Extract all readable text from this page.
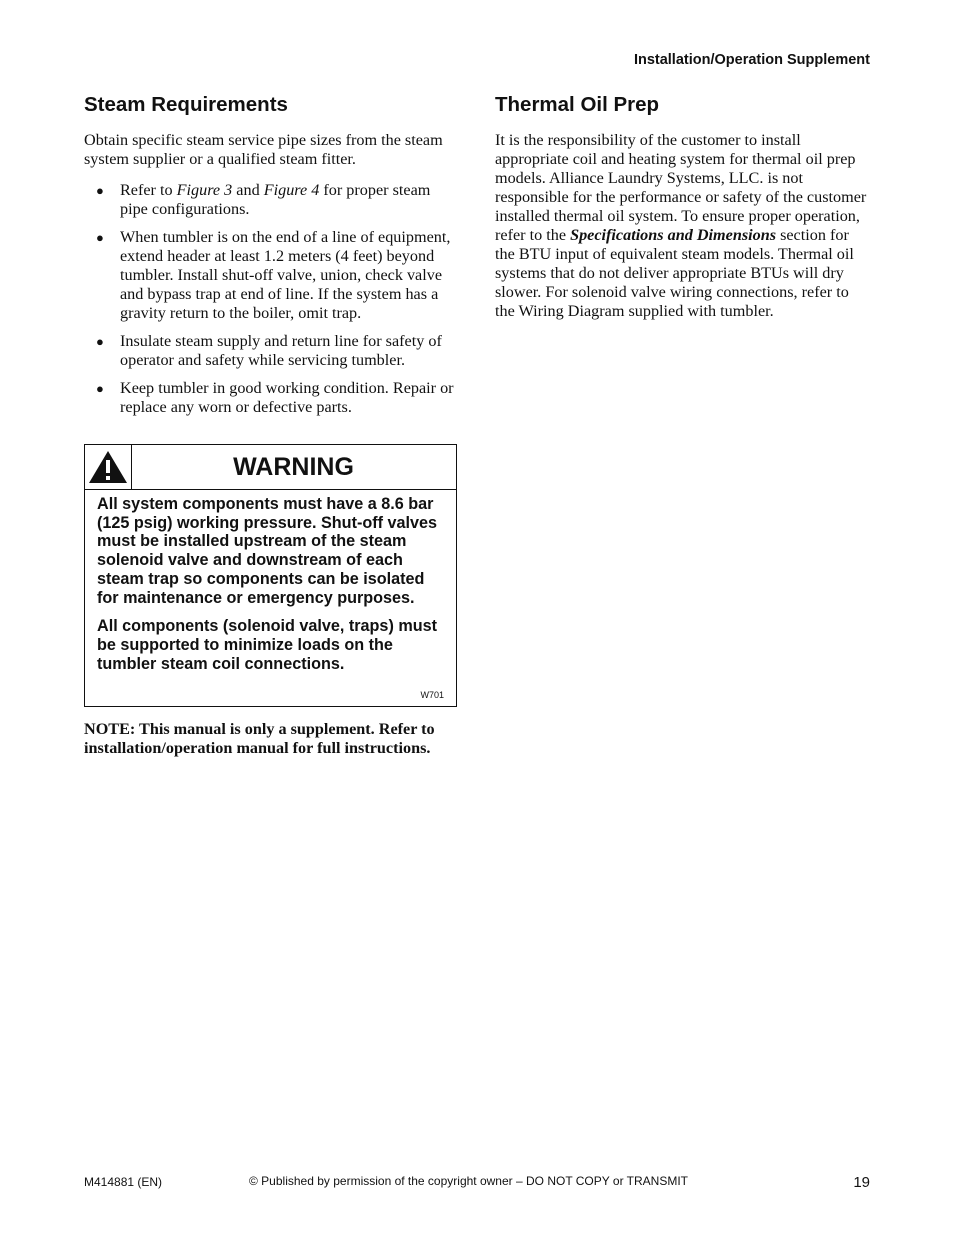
Installation/Operation Supplement
Steam Requirements

Obtain specific steam service pipe sizes from the steam system supplier or a qualified steam fitter.

● Refer to Figure 3 and Figure 4 for proper steam pipe configurations.
● When tumbler is on the end of a line of equipment, extend header at least 1.2 meters (4 feet) beyond tumbler. Install shut-off valve, union, check valve and bypass trap at end of line. If the system has a gravity return to the boiler, omit trap.
● Insulate steam supply and return line for safety of operator and safety while servicing tumbler.
● Keep tumbler in good working condition. Repair or replace any worn or defective parts.
WARNING

All system components must have a 8.6 bar (125 psig) working pressure. Shut-off valves must be installed upstream of the steam solenoid valve and downstream of each steam trap so components can be isolated for maintenance or emergency purposes.

All components (solenoid valve, traps) must be supported to minimize loads on the tumbler steam coil connections.

W701
NOTE: This manual is only a supplement. Refer to installation/operation manual for full instructions.
Thermal Oil Prep

It is the responsibility of the customer to install appropriate coil and heating system for thermal oil prep models. Alliance Laundry Systems, LLC. is not responsible for the performance or safety of the customer installed thermal oil system. To ensure proper operation, refer to the Specifications and Dimensions section for the BTU input of equivalent steam models. Thermal oil systems that do not deliver appropriate BTUs will dry slower. For solenoid valve wiring connections, refer to the Wiring Diagram supplied with tumbler.

M414881 (EN)	© Published by permission of the copyright owner – DO NOT COPY or TRANSMIT	19
